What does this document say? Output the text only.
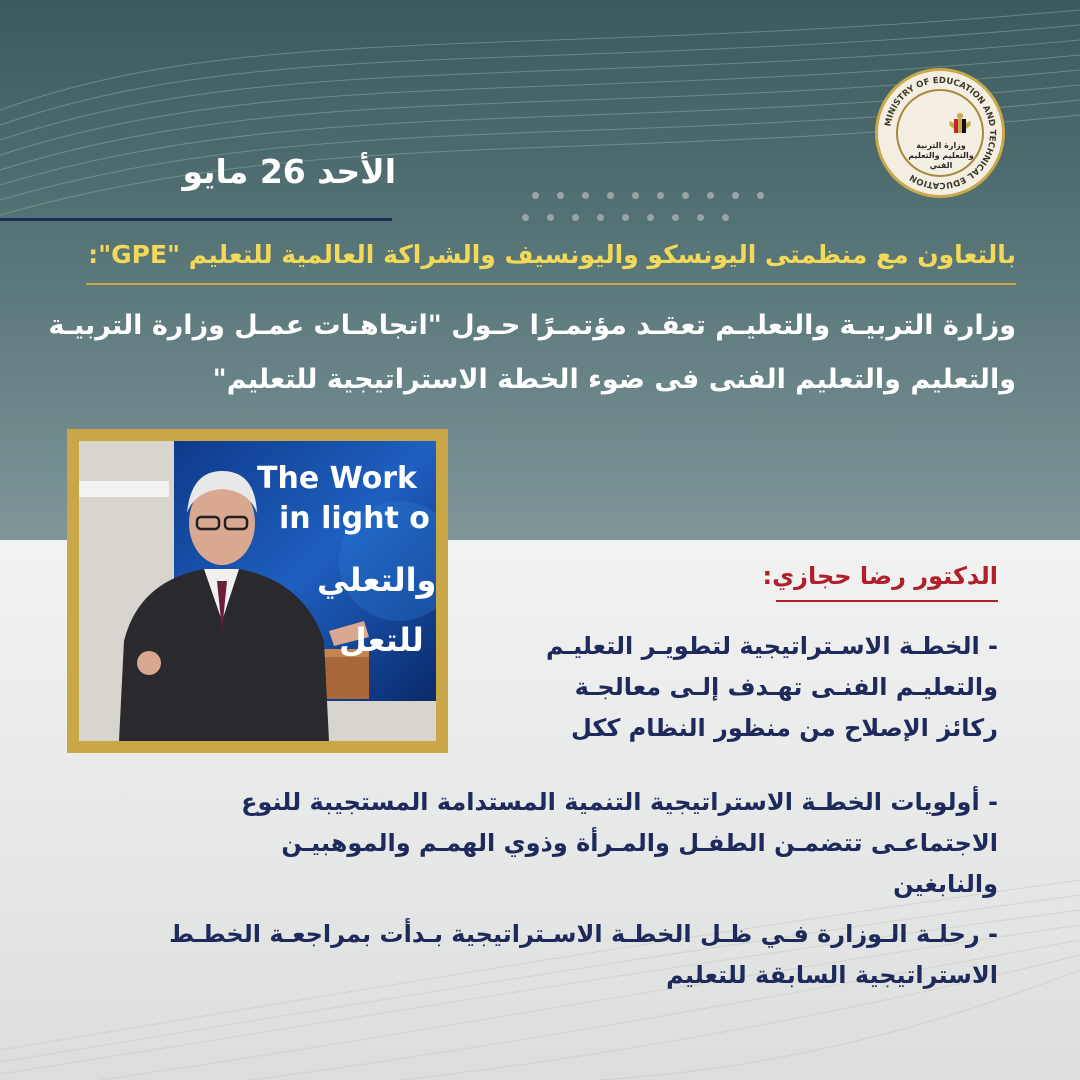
MINISTRY OF EDUCATION AND TECHNICAL EDUCATION
وزارة التربية والتعليم والتعليم الفني
الأحد 26 مايو
بالتعاون مع منظمتى اليونسكو واليونسيف والشراكة العالمية للتعليم "GPE":
وزارة التربيـة والتعليـم تعقـد مؤتمـرًا حـول "اتجاهـات عمـل وزارة التربيـة
والتعليم والتعليم الفنى فى ضوء الخطة الاستراتيجية للتعليم"
The Work
in light o
والتعلي
للتعل
الدكتور رضا حجازي:
- الخطـة الاسـتراتيجية لتطويـر التعليـم
والتعليـم الفنـى تهـدف إلـى معالجـة
ركائز الإصلاح من منظور النظام ككل
- أولويات الخطـة الاستراتيجية التنمية المستدامة المستجيبة للنوع
الاجتماعـى تتضمـن الطفـل والمـرأة وذوي الهمـم والموهبيـن
والنابغين
- رحلـة الـوزارة فـي ظـل الخطـة الاسـتراتيجية بـدأت بمراجعـة الخطـط
الاستراتيجية السابقة للتعليم
